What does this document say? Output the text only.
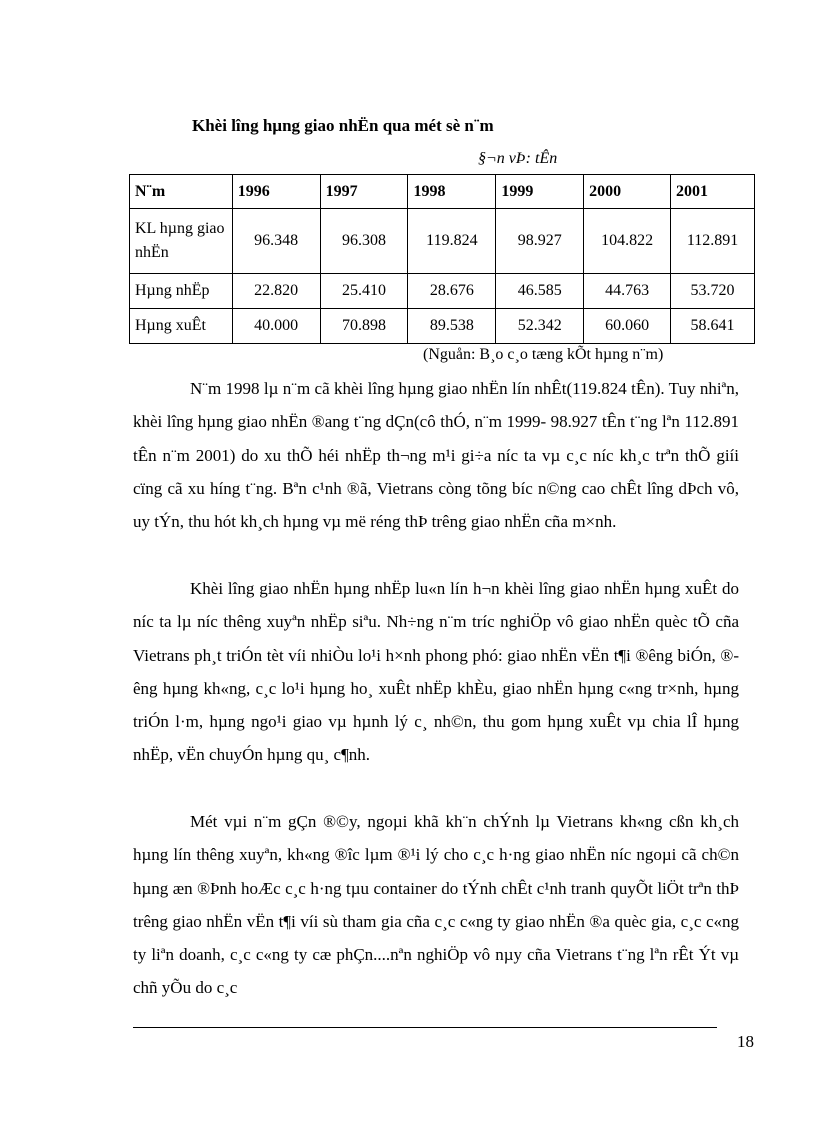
Khèi lîng hµng giao nhËn qua mét sè n¨m
§¬n vÞ: tÊn
N¨m	1996	1997	1998	1999	2000	2001
KL hµng giao nhËn	96.348	96.308	119.824	98.927	104.822	112.891
Hµng nhËp	22.820	25.410	28.676	46.585	44.763	53.720
Hµng xuÊt	40.000	70.898	89.538	52.342	60.060	58.641
(Nguån: B¸o c¸o tæng kÕt hµng n¨m)

N¨m 1998 lµ n¨m cã khèi lîng hµng giao nhËn lín nhÊt(119.824 tÊn). Tuy nhiªn, khèi lîng hµng giao nhËn ®ang t¨ng dÇn(cô thÓ, n¨m 1999- 98.927 tÊn t¨ng lªn 112.891 tÊn n¨m 2001) do xu thÕ héi nhËp th¬ng m¹i gi÷a níc ta vµ c¸c níc kh¸c trªn thÕ giíi cïng cã xu híng t¨ng. Bªn c¹nh ®ã, Vietrans còng tõng bíc n©ng cao chÊt lîng dÞch vô, uy tÝn, thu hót kh¸ch hµng vµ më réng thÞ trêng giao nhËn cña m×nh.

Khèi lîng giao nhËn hµng nhËp lu«n lín h¬n khèi lîng giao nhËn hµng xuÊt do níc ta lµ níc thêng xuyªn nhËp siªu. Nh÷ng n¨m tríc nghiÖp vô giao nhËn quèc tÕ cña Vietrans ph¸t triÓn tèt víi nhiÒu lo¹i h×nh phong phó: giao nhËn vËn t¶i ®êng biÓn, ®êng hµng kh«ng, c¸c lo¹i hµng ho¸ xuÊt nhËp khÈu, giao nhËn hµng c«ng tr×nh, hµng triÓn l·m, hµng ngo¹i giao vµ hµnh lý c¸ nh©n, thu gom hµng xuÊt vµ chia lÎ hµng nhËp, vËn chuyÓn hµng qu¸ c¶nh.

Mét vµi n¨m gÇn ®©y, ngoµi khã kh¨n chÝnh lµ Vietrans kh«ng cßn kh¸ch hµng lín thêng xuyªn, kh«ng ®îc lµm ®¹i lý cho c¸c h·ng giao nhËn níc ngoµi cã ch©n hµng æn ®Þnh hoÆc c¸c h·ng tµu container do tÝnh chÊt c¹nh tranh quyÕt liÖt trªn thÞ trêng giao nhËn vËn t¶i víi sù tham gia cña c¸c c«ng ty giao nhËn ®a quèc gia, c¸c c«ng ty liªn doanh, c¸c c«ng ty cæ phÇn....nªn nghiÖp vô nµy cña Vietrans t¨ng lªn rÊt Ýt vµ chñ yÕu do c¸c

18
